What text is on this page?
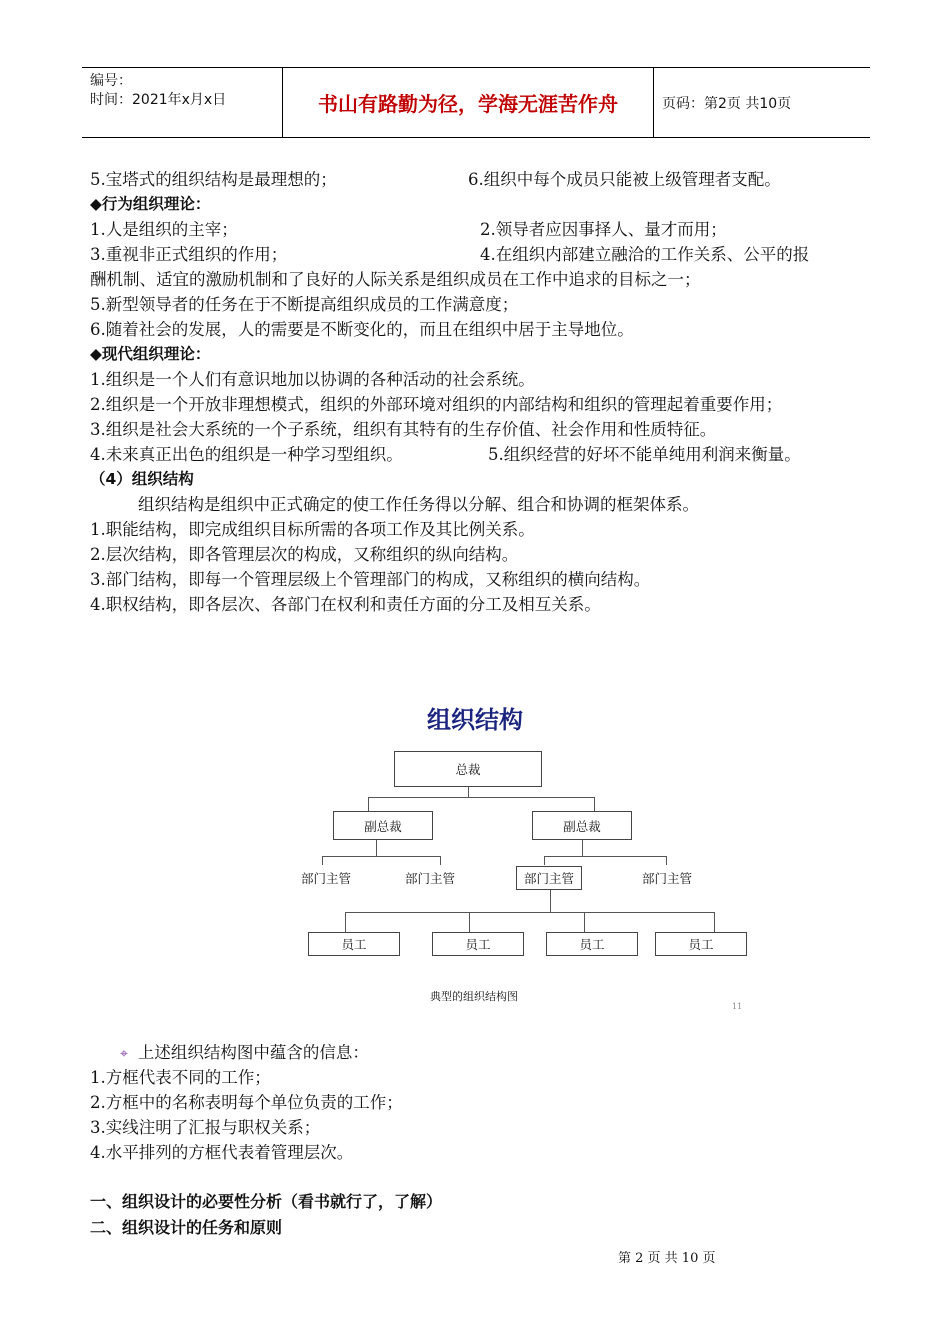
编号：
时间：2021年x月x日	书山有路勤为径，学海无涯苦作舟	页码：第2页 共10页
5.宝塔式的组织结构是最理想的；	6.组织中每个成员只能被上级管理者支配。
◆行为组织理论：
1.人是组织的主宰；	2.领导者应因事择人、量才而用；
3.重视非正式组织的作用；	4.在组织内部建立融洽的工作关系、公平的报
酬机制、适宜的激励机制和了良好的人际关系是组织成员在工作中追求的目标之一；
5.新型领导者的任务在于不断提高组织成员的工作满意度；
6.随着社会的发展，人的需要是不断变化的，而且在组织中居于主导地位。
◆现代组织理论：
1.组织是一个人们有意识地加以协调的各种活动的社会系统。
2.组织是一个开放非理想模式，组织的外部环境对组织的内部结构和组织的管理起着重要作用；
3.组织是社会大系统的一个子系统，组织有其特有的生存价值、社会作用和性质特征。
4.未来真正出色的组织是一种学习型组织。	5.组织经营的好坏不能单纯用利润来衡量。
（4）组织结构
组织结构是组织中正式确定的使工作任务得以分解、组合和协调的框架体系。
1.职能结构，即完成组织目标所需的各项工作及其比例关系。
2.层次结构，即各管理层次的构成，又称组织的纵向结构。
3.部门结构，即每一个管理层级上个管理部门的构成，又称组织的横向结构。
4.职权结构，即各层次、各部门在权利和责任方面的分工及相互关系。
组织结构
总裁
副总裁	副总裁
部门主管	部门主管	部门主管	部门主管
员工	员工	员工	员工
典型的组织结构图
11
⌖ 上述组织结构图中蕴含的信息：
1.方框代表不同的工作；
2.方框中的名称表明每个单位负责的工作；
3.实线注明了汇报与职权关系；
4.水平排列的方框代表着管理层次。
一、组织设计的必要性分析（看书就行了，了解）
二、组织设计的任务和原则
第 2 页 共 10 页
